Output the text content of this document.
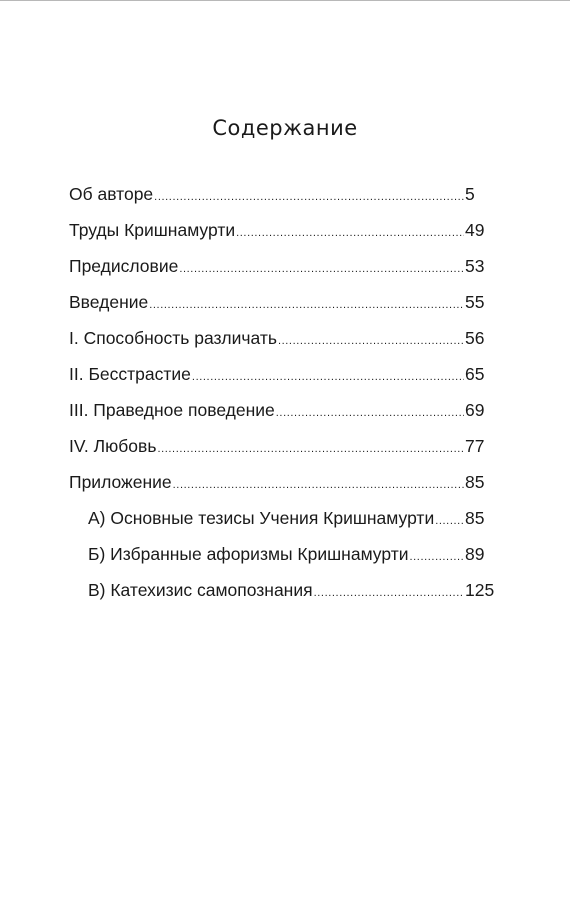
Содержание
Об авторе .....	5
Труды Кришнамурти .....	49
Предисловие .....	53
Введение .....	55
I. Способность различать .....	56
II. Бесстрастие .....	65
III. Праведное поведение .....	69
IV. Любовь .....	77
Приложение .....	85
А) Основные тезисы Учения Кришнамурти ..... 85
Б) Избранные афоризмы Кришнамурти .....	89
В) Катехизис самопознания .....	125
